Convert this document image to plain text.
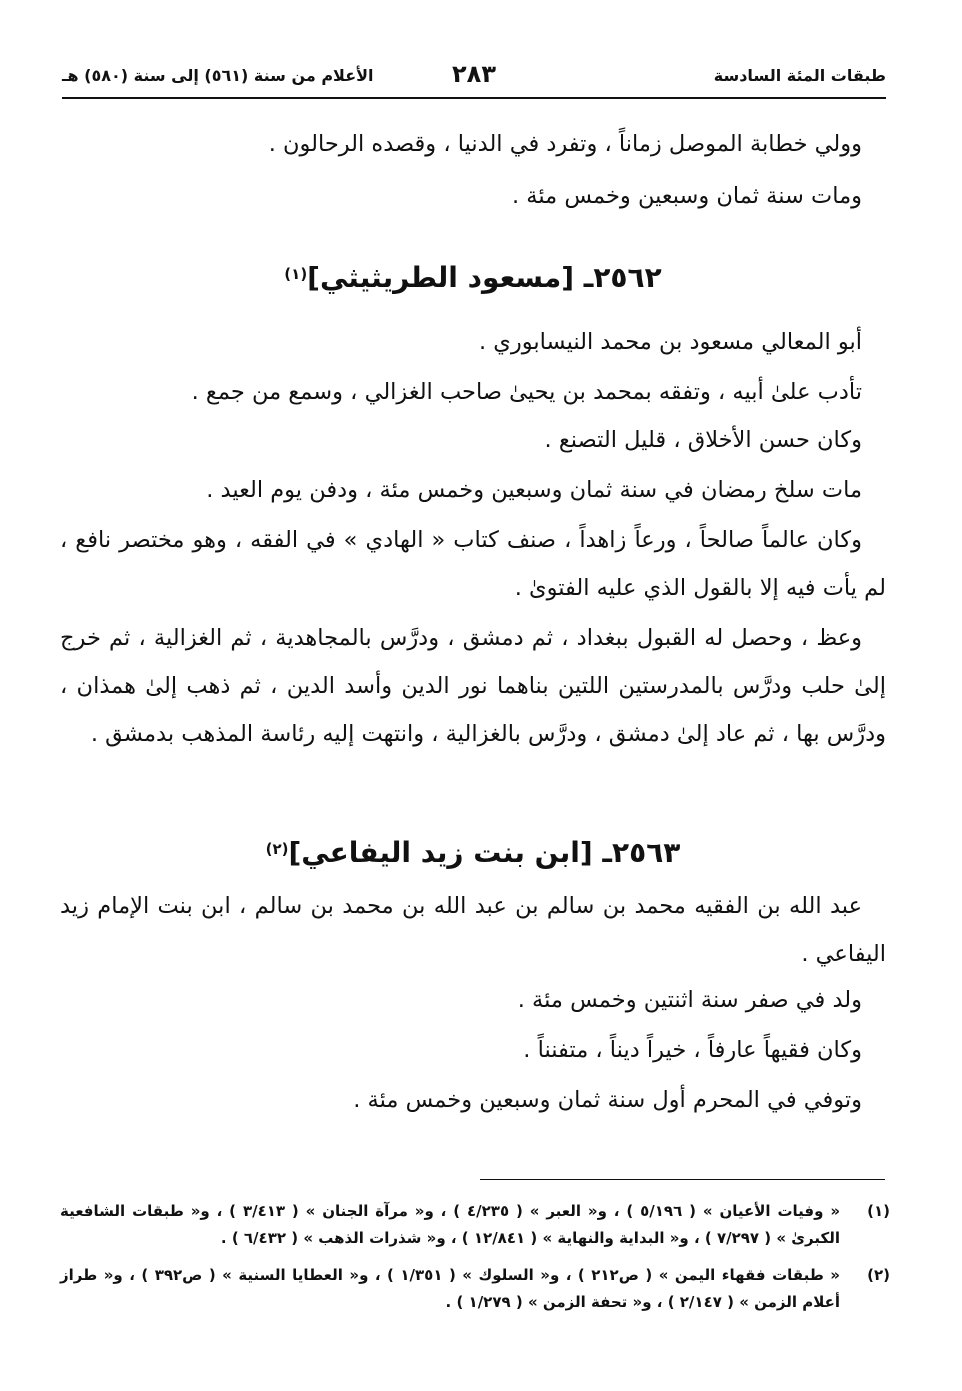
طبقات المئة السادسة
٢٨٣
الأعلام من سنة (٥٦١) إلى سنة (٥٨٠) هـ

وولي خطابة الموصل زماناً ، وتفرد في الدنيا ، وقصده الرحالون .

ومات سنة ثمان وسبعين وخمس مئة .

٢٥٦٢ـ [مسعود الطريثيثي]$^{(١)}$

أبو المعالي مسعود بن محمد النيسابوري .

تأدب علىٰ أبيه ، وتفقه بمحمد بن يحيىٰ صاحب الغزالي ، وسمع من جمع .

وكان حسن الأخلاق ، قليل التصنع .

مات سلخ رمضان في سنة ثمان وسبعين وخمس مئة ، ودفن يوم العيد .

وكان عالماً صالحاً ، ورعاً زاهداً ، صنف كتاب « الهادي » في الفقه ، وهو مختصر نافع ، لم يأت فيه إلا بالقول الذي عليه الفتوىٰ .

وعظ ، وحصل له القبول ببغداد ، ثم دمشق ، ودرَّس بالمجاهدية ، ثم الغزالية ، ثم خرج إلىٰ حلب ودرَّس بالمدرستين اللتين بناهما نور الدين وأسد الدين ، ثم ذهب إلىٰ همذان ، ودرَّس بها ، ثم عاد إلىٰ دمشق ، ودرَّس بالغزالية ، وانتهت إليه رئاسة المذهب بدمشق .

٢٥٦٣ـ [ابن بنت زيد اليفاعي]$^{(٢)}$

عبد الله بن الفقيه محمد بن سالم بن عبد الله بن محمد بن سالم ، ابن بنت الإمام زيد اليفاعي .

ولد في صفر سنة اثنتين وخمس مئة .

وكان فقيهاً عارفاً ، خيراً ديناً ، متفنناً .

وتوفي في المحرم أول سنة ثمان وسبعين وخمس مئة .

(١)
« وفيات الأعيان » ( ٥/١٩٦ ) ، و« العبر » ( ٤/٢٣٥ ) ، و« مرآة الجنان » ( ٣/٤١٣ ) ، و« طبقات الشافعية الكبرىٰ » ( ٧/٢٩٧ ) ، و« البداية والنهاية » ( ١٢/٨٤١ ) ، و« شذرات الذهب » ( ٦/٤٣٢ ) .
(٢)
« طبقات فقهاء اليمن » ( ص٢١٢ ) ، و« السلوك » ( ١/٣٥١ ) ، و« العطايا السنية » ( ص٣٩٢ ) ، و« طراز أعلام الزمن » ( ٢/١٤٧ ) ، و« تحفة الزمن » ( ١/٢٧٩ ) .
